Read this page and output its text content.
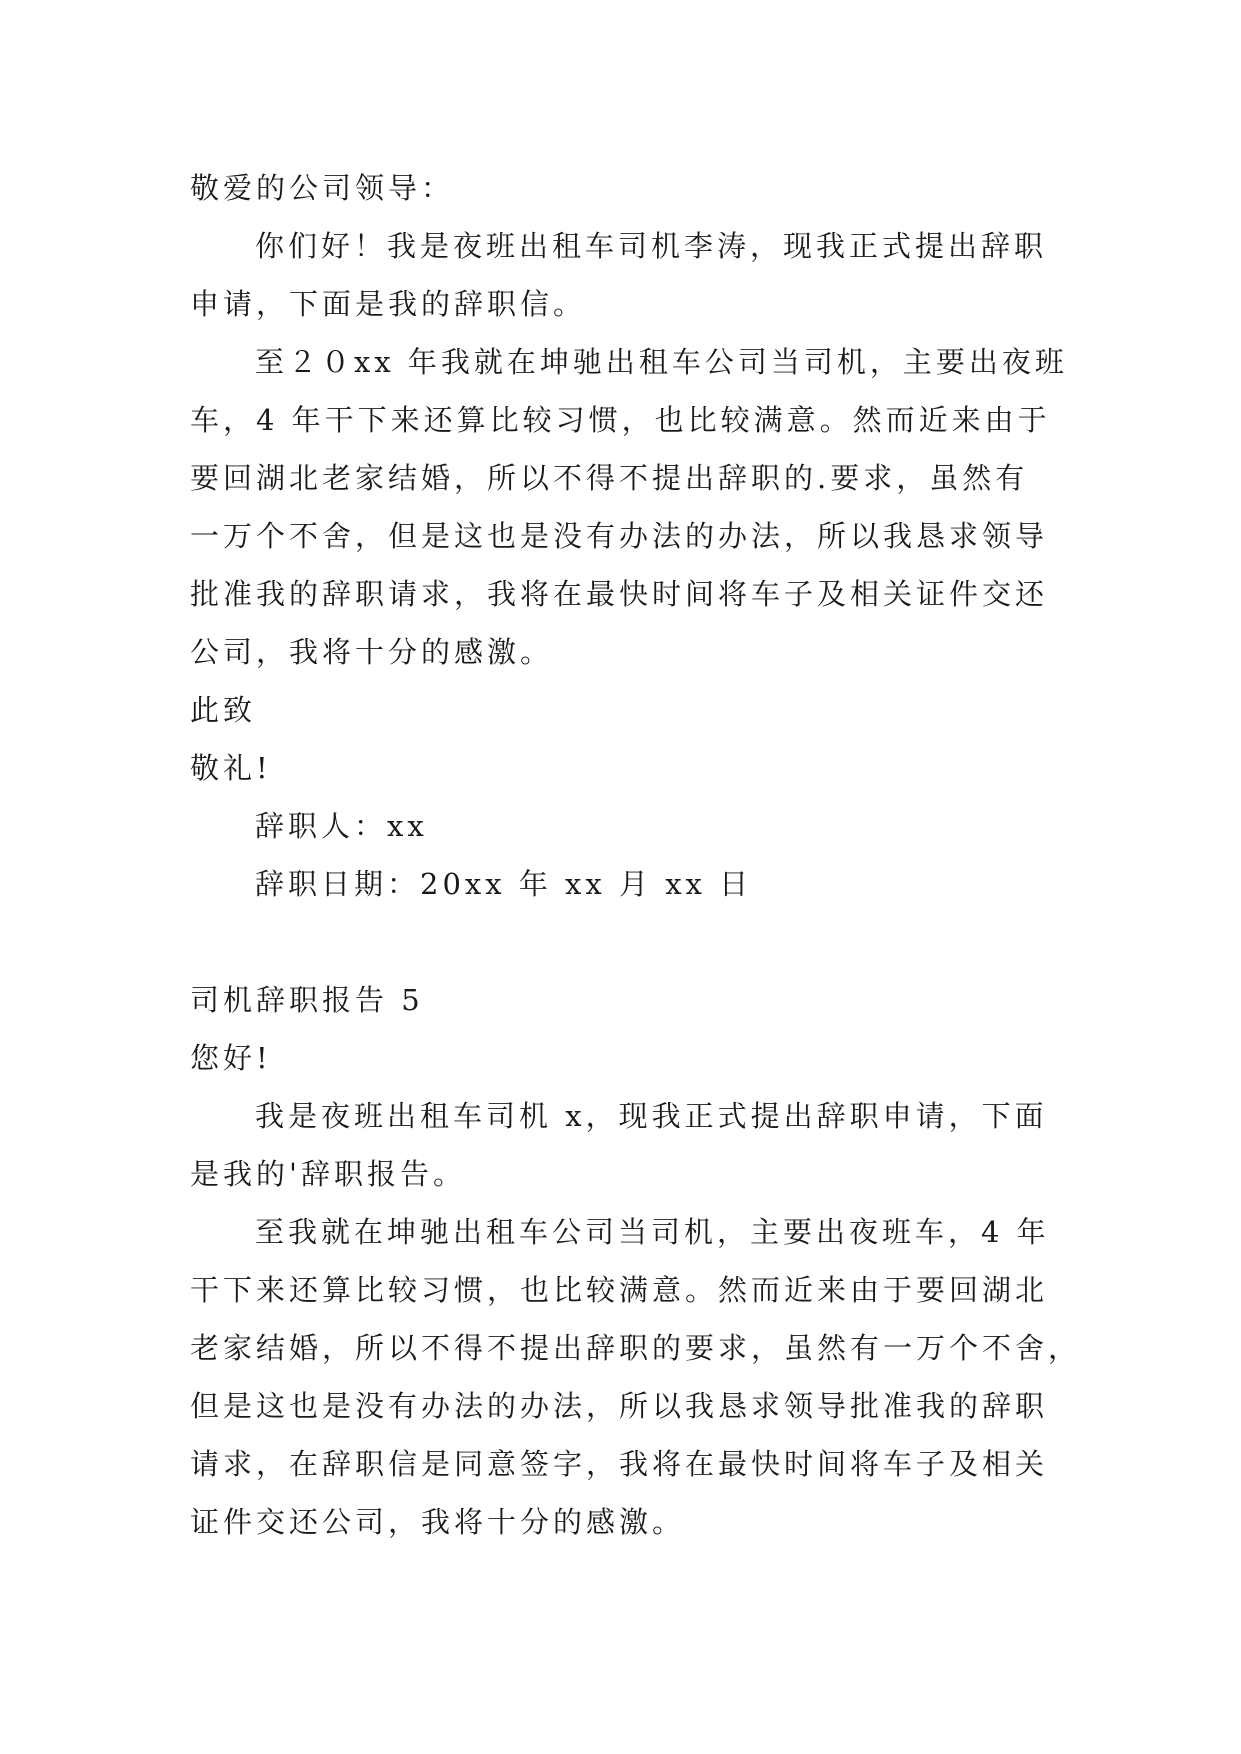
敬爱的公司领导：
你们好！我是夜班出租车司机李涛，现我正式提出辞职
申请，下面是我的辞职信。
至２０xx 年我就在坤驰出租车公司当司机，主要出夜班
车，4 年干下来还算比较习惯，也比较满意。然而近来由于
要回湖北老家结婚，所以不得不提出辞职的.要求，虽然有
一万个不舍，但是这也是没有办法的办法，所以我恳求领导
批准我的辞职请求，我将在最快时间将车子及相关证件交还
公司，我将十分的感激。
此致
敬礼!
辞职人：xx
辞职日期：20xx 年 xx 月 xx 日
司机辞职报告 5
您好!
我是夜班出租车司机 x，现我正式提出辞职申请，下面
是我的'辞职报告。
至我就在坤驰出租车公司当司机，主要出夜班车，4 年
干下来还算比较习惯，也比较满意。然而近来由于要回湖北
老家结婚，所以不得不提出辞职的要求，虽然有一万个不舍，
但是这也是没有办法的办法，所以我恳求领导批准我的辞职
请求，在辞职信是同意签字，我将在最快时间将车子及相关
证件交还公司，我将十分的感激。
